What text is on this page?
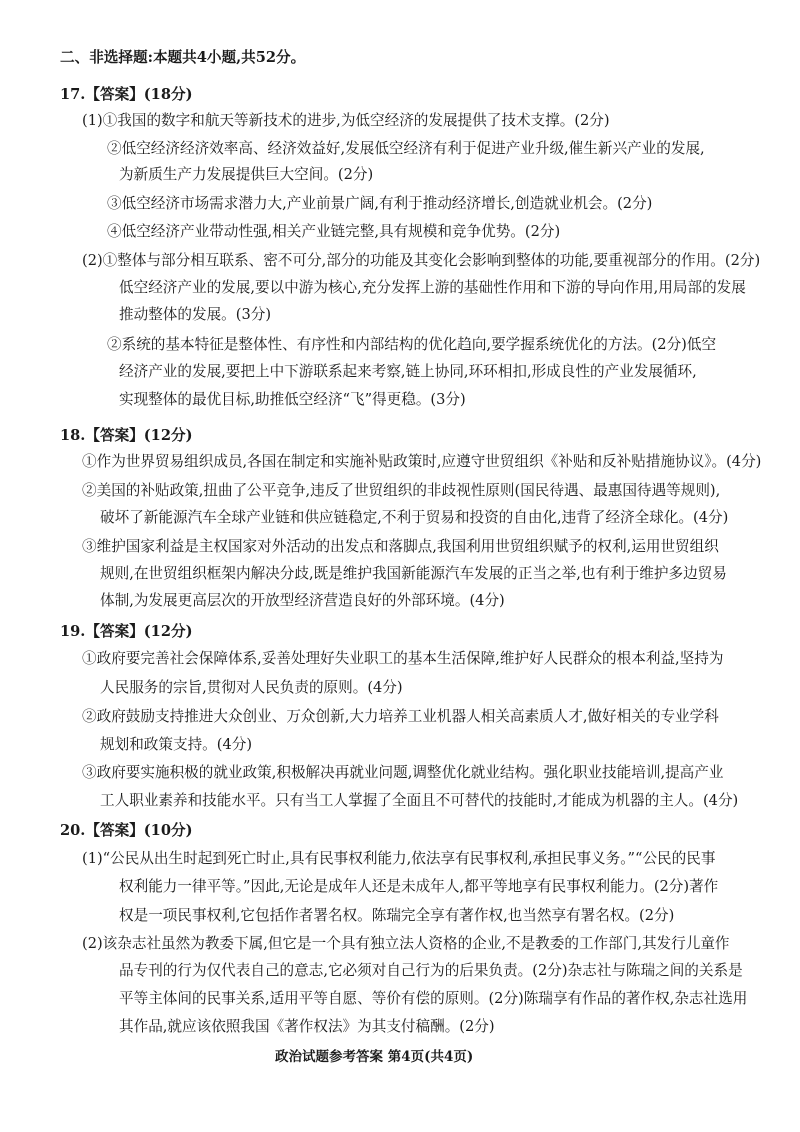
二、非选择题:本题共4小题,共52分。
17.【答案】(18分)
(1)①我国的数字和航天等新技术的进步,为低空经济的发展提供了技术支撑。(2分)
②低空经济经济效率高、经济效益好,发展低空经济有利于促进产业升级,催生新兴产业的发展,
为新质生产力发展提供巨大空间。(2分)
③低空经济市场需求潜力大,产业前景广阔,有利于推动经济增长,创造就业机会。(2分)
④低空经济产业带动性强,相关产业链完整,具有规模和竞争优势。(2分)
(2)①整体与部分相互联系、密不可分,部分的功能及其变化会影响到整体的功能,要重视部分的作用。(2分)
低空经济产业的发展,要以中游为核心,充分发挥上游的基础性作用和下游的导向作用,用局部的发展
推动整体的发展。(3分)
②系统的基本特征是整体性、有序性和内部结构的优化趋向,要学握系统优化的方法。(2分)低空
经济产业的发展,要把上中下游联系起来考察,链上协同,环环相扣,形成良性的产业发展循环,
实现整体的最优目标,助推低空经济“飞”得更稳。(3分)
18.【答案】(12分)
①作为世界贸易组织成员,各国在制定和实施补贴政策时,应遵守世贸组织《补贴和反补贴措施协议》。(4分)
②美国的补贴政策,扭曲了公平竞争,违反了世贸组织的非歧视性原则(国民待遇、最惠国待遇等规则),
破坏了新能源汽车全球产业链和供应链稳定,不利于贸易和投资的自由化,违背了经济全球化。(4分)
③维护国家利益是主权国家对外活动的出发点和落脚点,我国利用世贸组织赋予的权利,运用世贸组织
规则,在世贸组织框架内解决分歧,既是维护我国新能源汽车发展的正当之举,也有利于维护多边贸易
体制,为发展更高层次的开放型经济营造良好的外部环境。(4分)
19.【答案】(12分)
①政府要完善社会保障体系,妥善处理好失业职工的基本生活保障,维护好人民群众的根本利益,坚持为
人民服务的宗旨,贯彻对人民负责的原则。(4分)
②政府鼓励支持推进大众创业、万众创新,大力培养工业机器人相关高素质人才,做好相关的专业学科
规划和政策支持。(4分)
③政府要实施积极的就业政策,积极解决再就业问题,调整优化就业结构。强化职业技能培训,提高产业
工人职业素养和技能水平。只有当工人掌握了全面且不可替代的技能时,才能成为机器的主人。(4分)
20.【答案】(10分)
(1)“公民从出生时起到死亡时止,具有民事权利能力,依法享有民事权利,承担民事义务。”“公民的民事
权利能力一律平等。”因此,无论是成年人还是未成年人,都平等地享有民事权利能力。(2分)著作
权是一项民事权利,它包括作者署名权。陈瑞完全享有著作权,也当然享有署名权。(2分)
(2)该杂志社虽然为教委下属,但它是一个具有独立法人资格的企业,不是教委的工作部门,其发行儿童作
品专刊的行为仅代表自己的意志,它必须对自己行为的后果负责。(2分)杂志社与陈瑞之间的关系是
平等主体间的民事关系,适用平等自愿、等价有偿的原则。(2分)陈瑞享有作品的著作权,杂志社选用
其作品,就应该依照我国《著作权法》为其支付稿酬。(2分)
政治试题参考答案 第4页(共4页)
